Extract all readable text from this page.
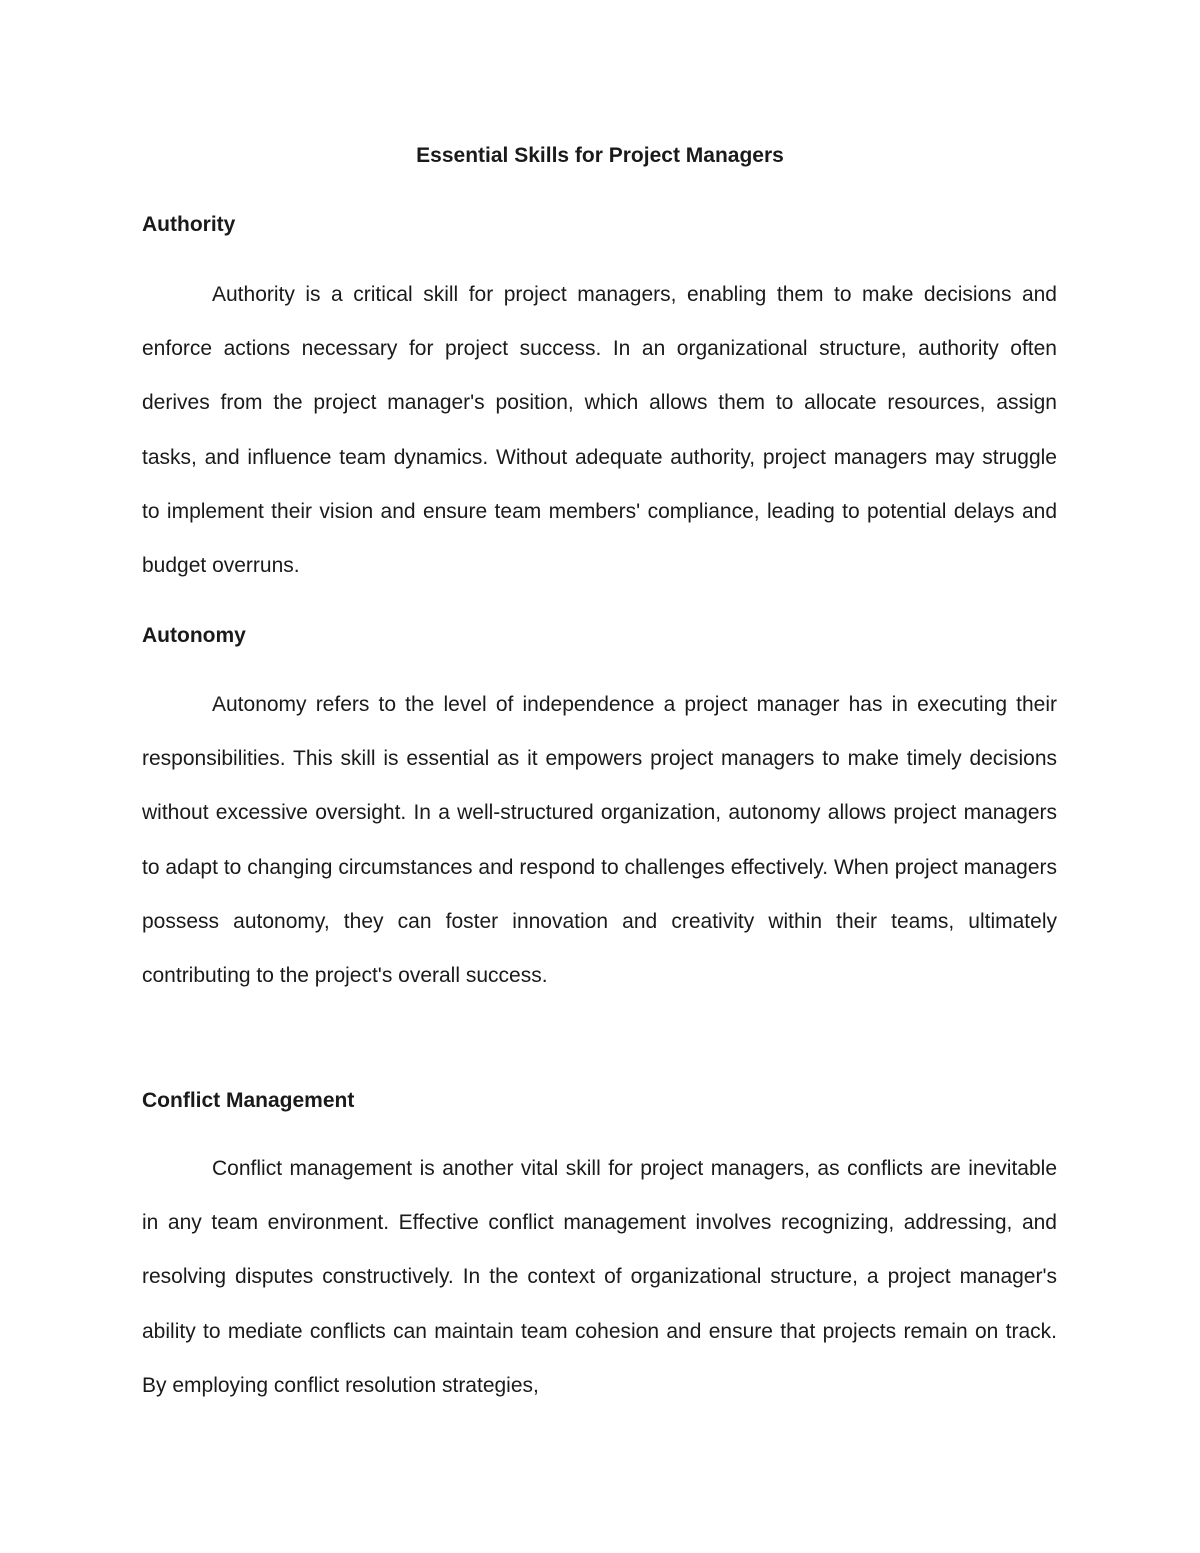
Essential Skills for Project Managers
Authority

Authority is a critical skill for project managers, enabling them to make decisions and enforce actions necessary for project success. In an organizational structure, authority often derives from the project manager's position, which allows them to allocate resources, assign tasks, and influence team dynamics. Without adequate authority, project managers may struggle to implement their vision and ensure team members' compliance, leading to potential delays and budget overruns.

Autonomy

Autonomy refers to the level of independence a project manager has in executing their responsibilities. This skill is essential as it empowers project managers to make timely decisions without excessive oversight. In a well-structured organization, autonomy allows project managers to adapt to changing circumstances and respond to challenges effectively. When project managers possess autonomy, they can foster innovation and creativity within their teams, ultimately contributing to the project's overall success.

Conflict Management

Conflict management is another vital skill for project managers, as conflicts are inevitable in any team environment. Effective conflict management involves recognizing, addressing, and resolving disputes constructively. In the context of organizational structure, a project manager's ability to mediate conflicts can maintain team cohesion and ensure that projects remain on track. By employing conflict resolution strategies,
